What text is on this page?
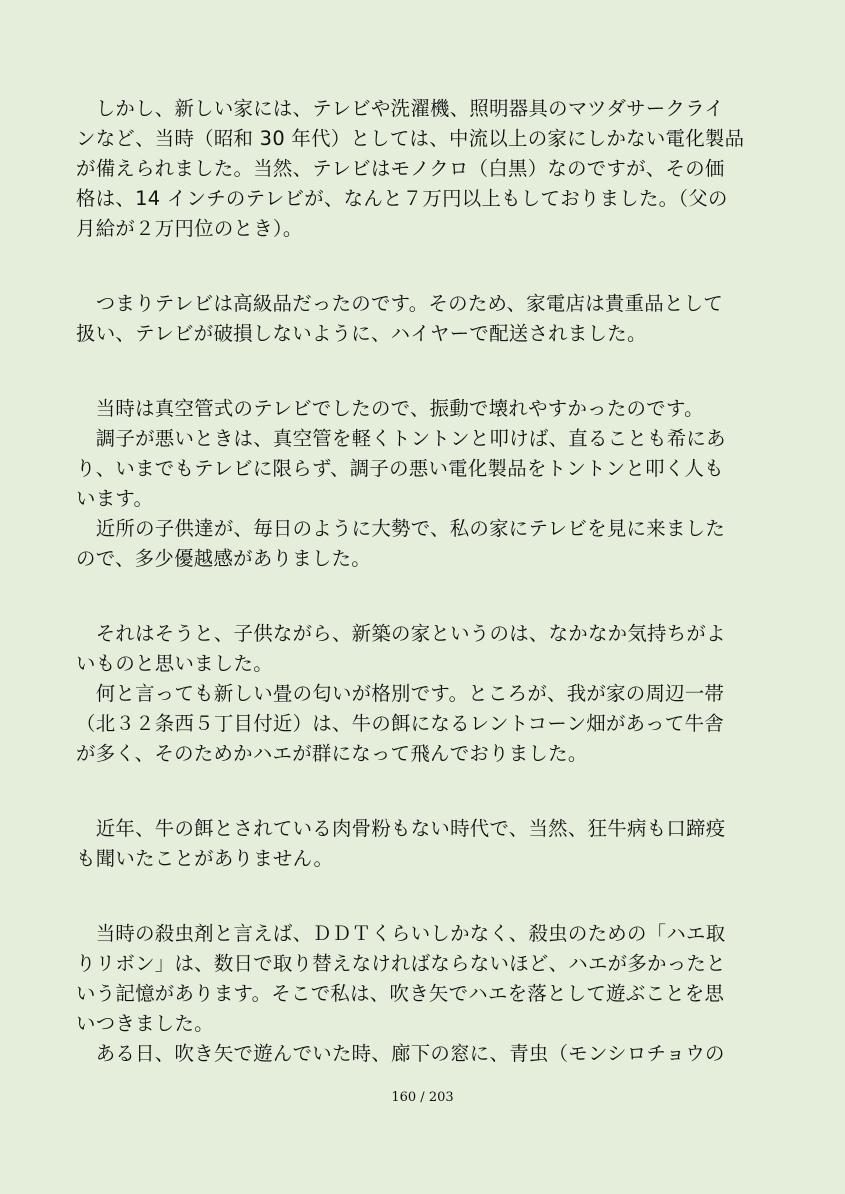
　しかし、新しい家には、テレビや洗濯機、照明器具のマツダサークライ
ンなど、当時（昭和 30 年代）としては、中流以上の家にしかない電化製品
が備えられました。当然、テレビはモノクロ（白黒）なのですが、その価
格は、14 インチのテレビが、なんと７万円以上もしておりました。（父の
月給が２万円位のとき）。
　つまりテレビは高級品だったのです。そのため、家電店は貴重品として
扱い、テレビが破損しないように、ハイヤーで配送されました。
　当時は真空管式のテレビでしたので、振動で壊れやすかったのです。
　調子が悪いときは、真空管を軽くトントンと叩けば、直ることも希にあ
り、いまでもテレビに限らず、調子の悪い電化製品をトントンと叩く人も
います。
　近所の子供達が、毎日のように大勢で、私の家にテレビを見に来ました
ので、多少優越感がありました。
　それはそうと、子供ながら、新築の家というのは、なかなか気持ちがよ
いものと思いました。
　何と言っても新しい畳の匂いが格別です。ところが、我が家の周辺一帯
（北３２条西５丁目付近）は、牛の餌になるレントコーン畑があって牛舎
が多く、そのためかハエが群になって飛んでおりました。
　近年、牛の餌とされている肉骨粉もない時代で、当然、狂牛病も口蹄疫
も聞いたことがありません。
　当時の殺虫剤と言えば、ＤＤＴくらいしかなく、殺虫のための「ハエ取
りリボン」は、数日で取り替えなければならないほど、ハエが多かったと
いう記憶があります。そこで私は、吹き矢でハエを落として遊ぶことを思
いつきました。
　ある日、吹き矢で遊んでいた時、廊下の窓に、青虫（モンシロチョウの
160 / 203
